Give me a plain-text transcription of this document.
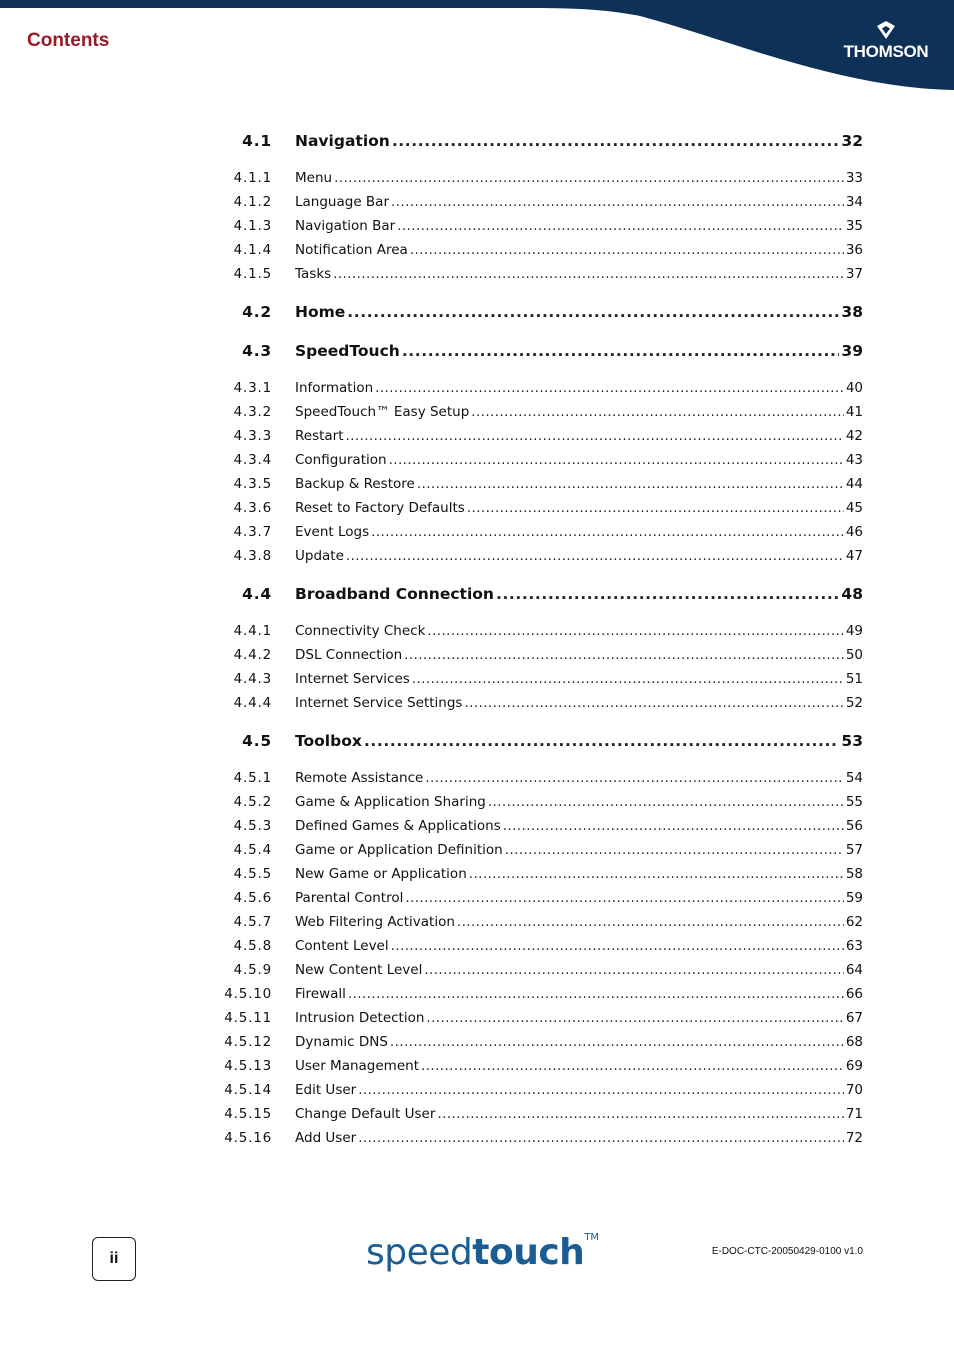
Contents
THOMSON
4.1 Navigation .....	32
4.1.1 Menu .....	33
4.1.2 Language Bar .....	34
4.1.3 Navigation Bar .....	35
4.1.4 Notification Area .....	36
4.1.5 Tasks .....	37
4.2 Home .....	38
4.3 SpeedTouch .....	39
4.3.1 Information .....	40
4.3.2 SpeedTouch™ Easy Setup .....	41
4.3.3 Restart .....	42
4.3.4 Configuration .....	43
4.3.5 Backup & Restore .....	44
4.3.6 Reset to Factory Defaults .....	45
4.3.7 Event Logs .....	46
4.3.8 Update .....	47
4.4 Broadband Connection .....	48
4.4.1 Connectivity Check .....	49
4.4.2 DSL Connection .....	50
4.4.3 Internet Services .....	51
4.4.4 Internet Service Settings .....	52
4.5 Toolbox .....	53
4.5.1 Remote Assistance .....	54
4.5.2 Game & Application Sharing .....	55
4.5.3 Defined Games & Applications .....	56
4.5.4 Game or Application Definition .....	57
4.5.5 New Game or Application .....	58
4.5.6 Parental Control .....	59
4.5.7 Web Filtering Activation .....	62
4.5.8 Content Level .....	63
4.5.9 New Content Level .....	64
4.5.10 Firewall .....	66
4.5.11 Intrusion Detection .....	67
4.5.12 Dynamic DNS .....	68
4.5.13 User Management .....	69
4.5.14 Edit User .....	70
4.5.15 Change Default User .....	71
4.5.16 Add User .....	72
ii	speedtouch™
E-DOC-CTC-20050429-0100 v1.0
